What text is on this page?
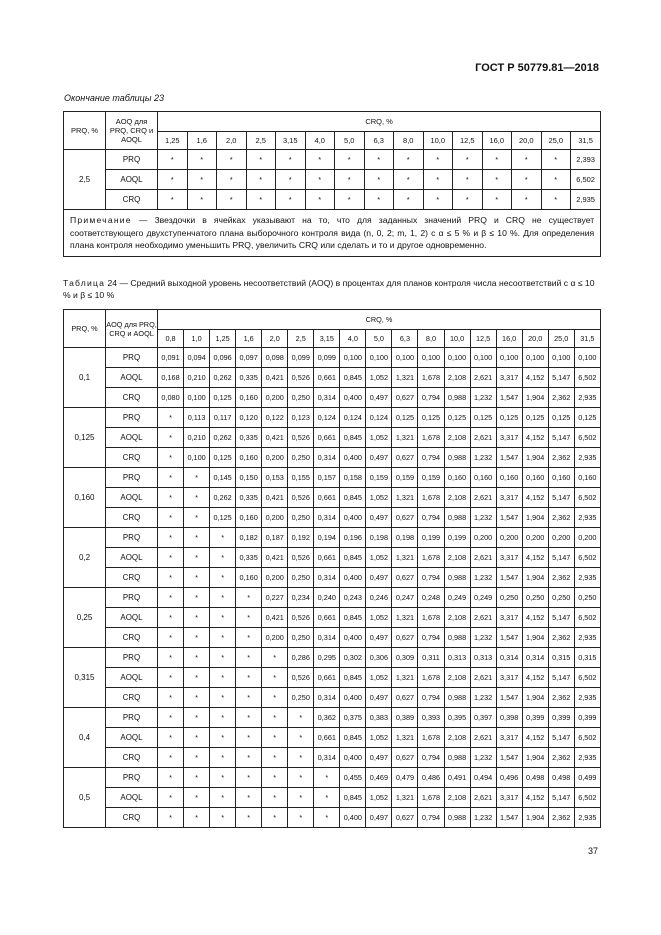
ГОСТ Р 50779.81—2018
Окончание таблицы 23
PRQ, %	AOQ для PRQ, CRQ и AOQL	CRQ, %														
		1,25	1,6	2,0	2,5	3,15	4,0	5,0	6,3	8,0	10,0	12,5	16,0	20,0	25,0	31,5
2,5	PRQ	*	*	*	*	*	*	*	*	*	*	*	*	*	*	2,393
	AOQL	*	*	*	*	*	*	*	*	*	*	*	*	*	*	6,502
	CRQ	*	*	*	*	*	*	*	*	*	*	*	*	*	*	2,935
Примечание — Звездочки в ячейках указывают на то, что для заданных значений PRQ и CRQ не существует соответствующего двухступенчатого плана выборочного контроля вида (n, 0, 2; m, 1, 2) с α ≤ 5 % и β ≤ 10 %. Для определения плана контроля необходимо уменьшить PRQ, увеличить CRQ или сделать и то и другое одновременно.																
Таблица 24 — Средний выходной уровень несоответствий (AOQ) в процентах для планов контроля числа несоответствий с α ≤ 10 % и β ≤ 10 %
PRQ, %	AOQ для PRQ, CRQ и AOQL	CRQ, %																
		0,8	1,0	1,25	1,6	2,0	2,5	3,15	4,0	5,0	6,3	8,0	10,0	12,5	16,0	20,0	25,0	31,5
0,1	PRQ	0,091	0,094	0,096	0,097	0,098	0,099	0,099	0,100	0,100	0,100	0,100	0,100	0,100	0,100	0,100	0,100	0,100
	AOQL	0,168	0,210	0,262	0,335	0,421	0,526	0,661	0,845	1,052	1,321	1,678	2,108	2,621	3,317	4,152	5,147	6,502
	CRQ	0,080	0,100	0,125	0,160	0,200	0,250	0,314	0,400	0,497	0,627	0,794	0,988	1,232	1,547	1,904	2,362	2,935
0,125	PRQ	*	0,113	0,117	0,120	0,122	0,123	0,124	0,124	0,124	0,125	0,125	0,125	0,125	0,125	0,125	0,125	0,125
	AOQL	*	0,210	0,262	0,335	0,421	0,526	0,661	0,845	1,052	1,321	1,678	2,108	2,621	3,317	4,152	5,147	6,502
	CRQ	*	0,100	0,125	0,160	0,200	0,250	0,314	0,400	0,497	0,627	0,794	0,988	1,232	1,547	1,904	2,362	2,935
0,160	PRQ	*	*	0,145	0,150	0,153	0,155	0,157	0,158	0,159	0,159	0,159	0,160	0,160	0,160	0,160	0,160	0,160
	AOQL	*	*	0,262	0,335	0,421	0,526	0,661	0,845	1,052	1,321	1,678	2,108	2,621	3,317	4,152	5,147	6,502
	CRQ	*	*	0,125	0,160	0,200	0,250	0,314	0,400	0,497	0,627	0,794	0,988	1,232	1,547	1,904	2,362	2,935
0,2	PRQ	*	*	*	0,182	0,187	0,192	0,194	0,196	0,198	0,198	0,199	0,199	0,200	0,200	0,200	0,200	0,200
	AOQL	*	*	*	0,335	0,421	0,526	0,661	0,845	1,052	1,321	1,678	2,108	2,621	3,317	4,152	5,147	6,502
	CRQ	*	*	*	0,160	0,200	0,250	0,314	0,400	0,497	0,627	0,794	0,988	1,232	1,547	1,904	2,362	2,935
0,25	PRQ	*	*	*	*	0,227	0,234	0,240	0,243	0,246	0,247	0,248	0,249	0,249	0,250	0,250	0,250	0,250
	AOQL	*	*	*	*	0,421	0,526	0,661	0,845	1,052	1,321	1,678	2,108	2,621	3,317	4,152	5,147	6,502
	CRQ	*	*	*	*	0,200	0,250	0,314	0,400	0,497	0,627	0,794	0,988	1,232	1,547	1,904	2,362	2,935
0,315	PRQ	*	*	*	*	*	0,286	0,295	0,302	0,306	0,309	0,311	0,313	0,313	0,314	0,314	0,315	0,315
	AOQL	*	*	*	*	*	0,526	0,661	0,845	1,052	1,321	1,678	2,108	2,621	3,317	4,152	5,147	6,502
	CRQ	*	*	*	*	*	0,250	0,314	0,400	0,497	0,627	0,794	0,988	1,232	1,547	1,904	2,362	2,935
0,4	PRQ	*	*	*	*	*	*	0,362	0,375	0,383	0,389	0,393	0,395	0,397	0,398	0,399	0,399	0,399
	AOQL	*	*	*	*	*	*	0,661	0,845	1,052	1,321	1,678	2,108	2,621	3,317	4,152	5,147	6,502
	CRQ	*	*	*	*	*	*	0,314	0,400	0,497	0,627	0,794	0,988	1,232	1,547	1,904	2,362	2,935
0,5	PRQ	*	*	*	*	*	*	*	0,455	0,469	0,479	0,486	0,491	0,494	0,496	0,498	0,498	0,499
	AOQL	*	*	*	*	*	*	*	0,845	1,052	1,321	1,678	2,108	2,621	3,317	4,152	5,147	6,502
	CRQ	*	*	*	*	*	*	*	0,400	0,497	0,627	0,794	0,988	1,232	1,547	1,904	2,362	2,935
37
